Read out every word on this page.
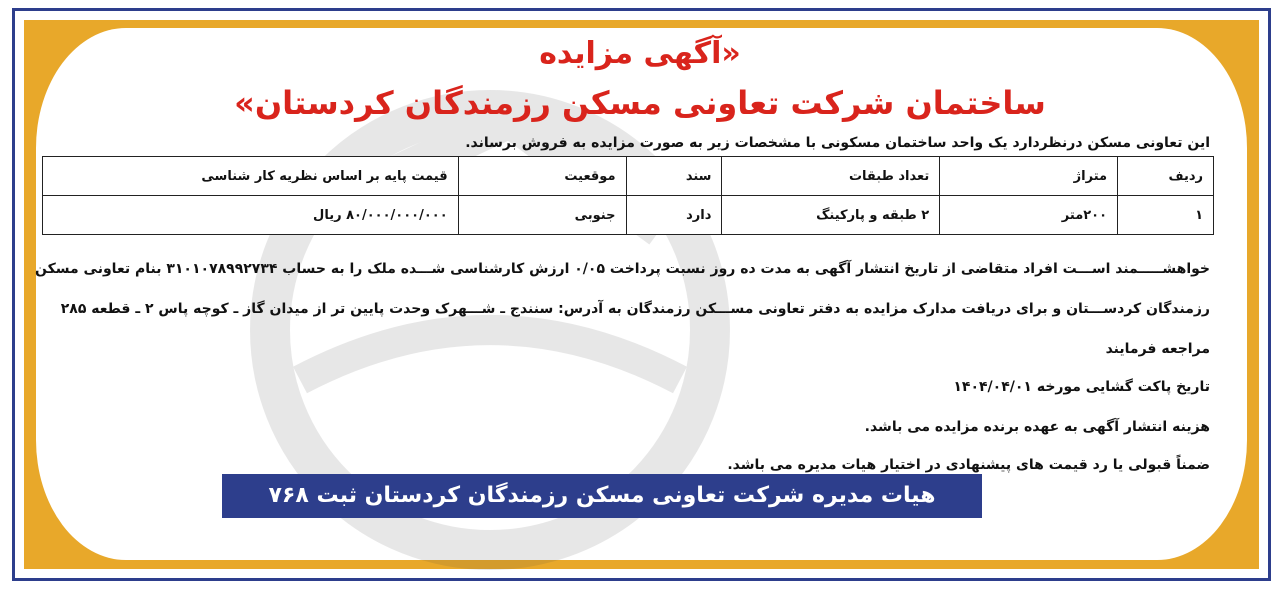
«آگهی مزایده
ساختمان شرکت تعاونی مسکن رزمندگان کردستان»
این تعاونی مسکن درنظردارد یک واحد ساختمان مسکونی با مشخصات زیر به صورت مزایده به فروش برساند.
ردیف	متراژ	تعداد طبقات	سند	موقعیت	قیمت پایه بر اساس نظریه کار شناسی
۱	۲۰۰متر	۲ طبقه و پارکینگ	دارد	جنوبی	۸۰/۰۰۰/۰۰۰/۰۰۰ ریال
خواهشـــــمند اســـت افراد متقاضی از تاریخ انتشار آگهی به مدت ده روز نسبت پرداخت ۰/۰۵ ارزش کارشناسی شـــده ملک را به حساب ۳۱۰۱۰۷۸۹۹۲۷۳۴ بنام تعاونی مسکن
رزمندگان کردســـتان و برای دریافت مدارک مزایده به دفتر تعاونی مســـکن رزمندگان به آدرس: سنندج ـ شـــهرک وحدت پایین تر از میدان گاز ـ کوچه پاس ۲ ـ قطعه ۲۸۵
مراجعه فرمایند
تاریخ پاکت گشایی مورخه ۱۴۰۴/۰۴/۰۱
هزینه انتشار آگهی به عهده برنده مزایده می باشد.
ضمناً قبولی یا رد قیمت های پیشنهادی در اختیار هیات مدیره می باشد.
هیات مدیره شرکت تعاونی مسکن رزمندگان کردستان ثبت ۷۶۸
